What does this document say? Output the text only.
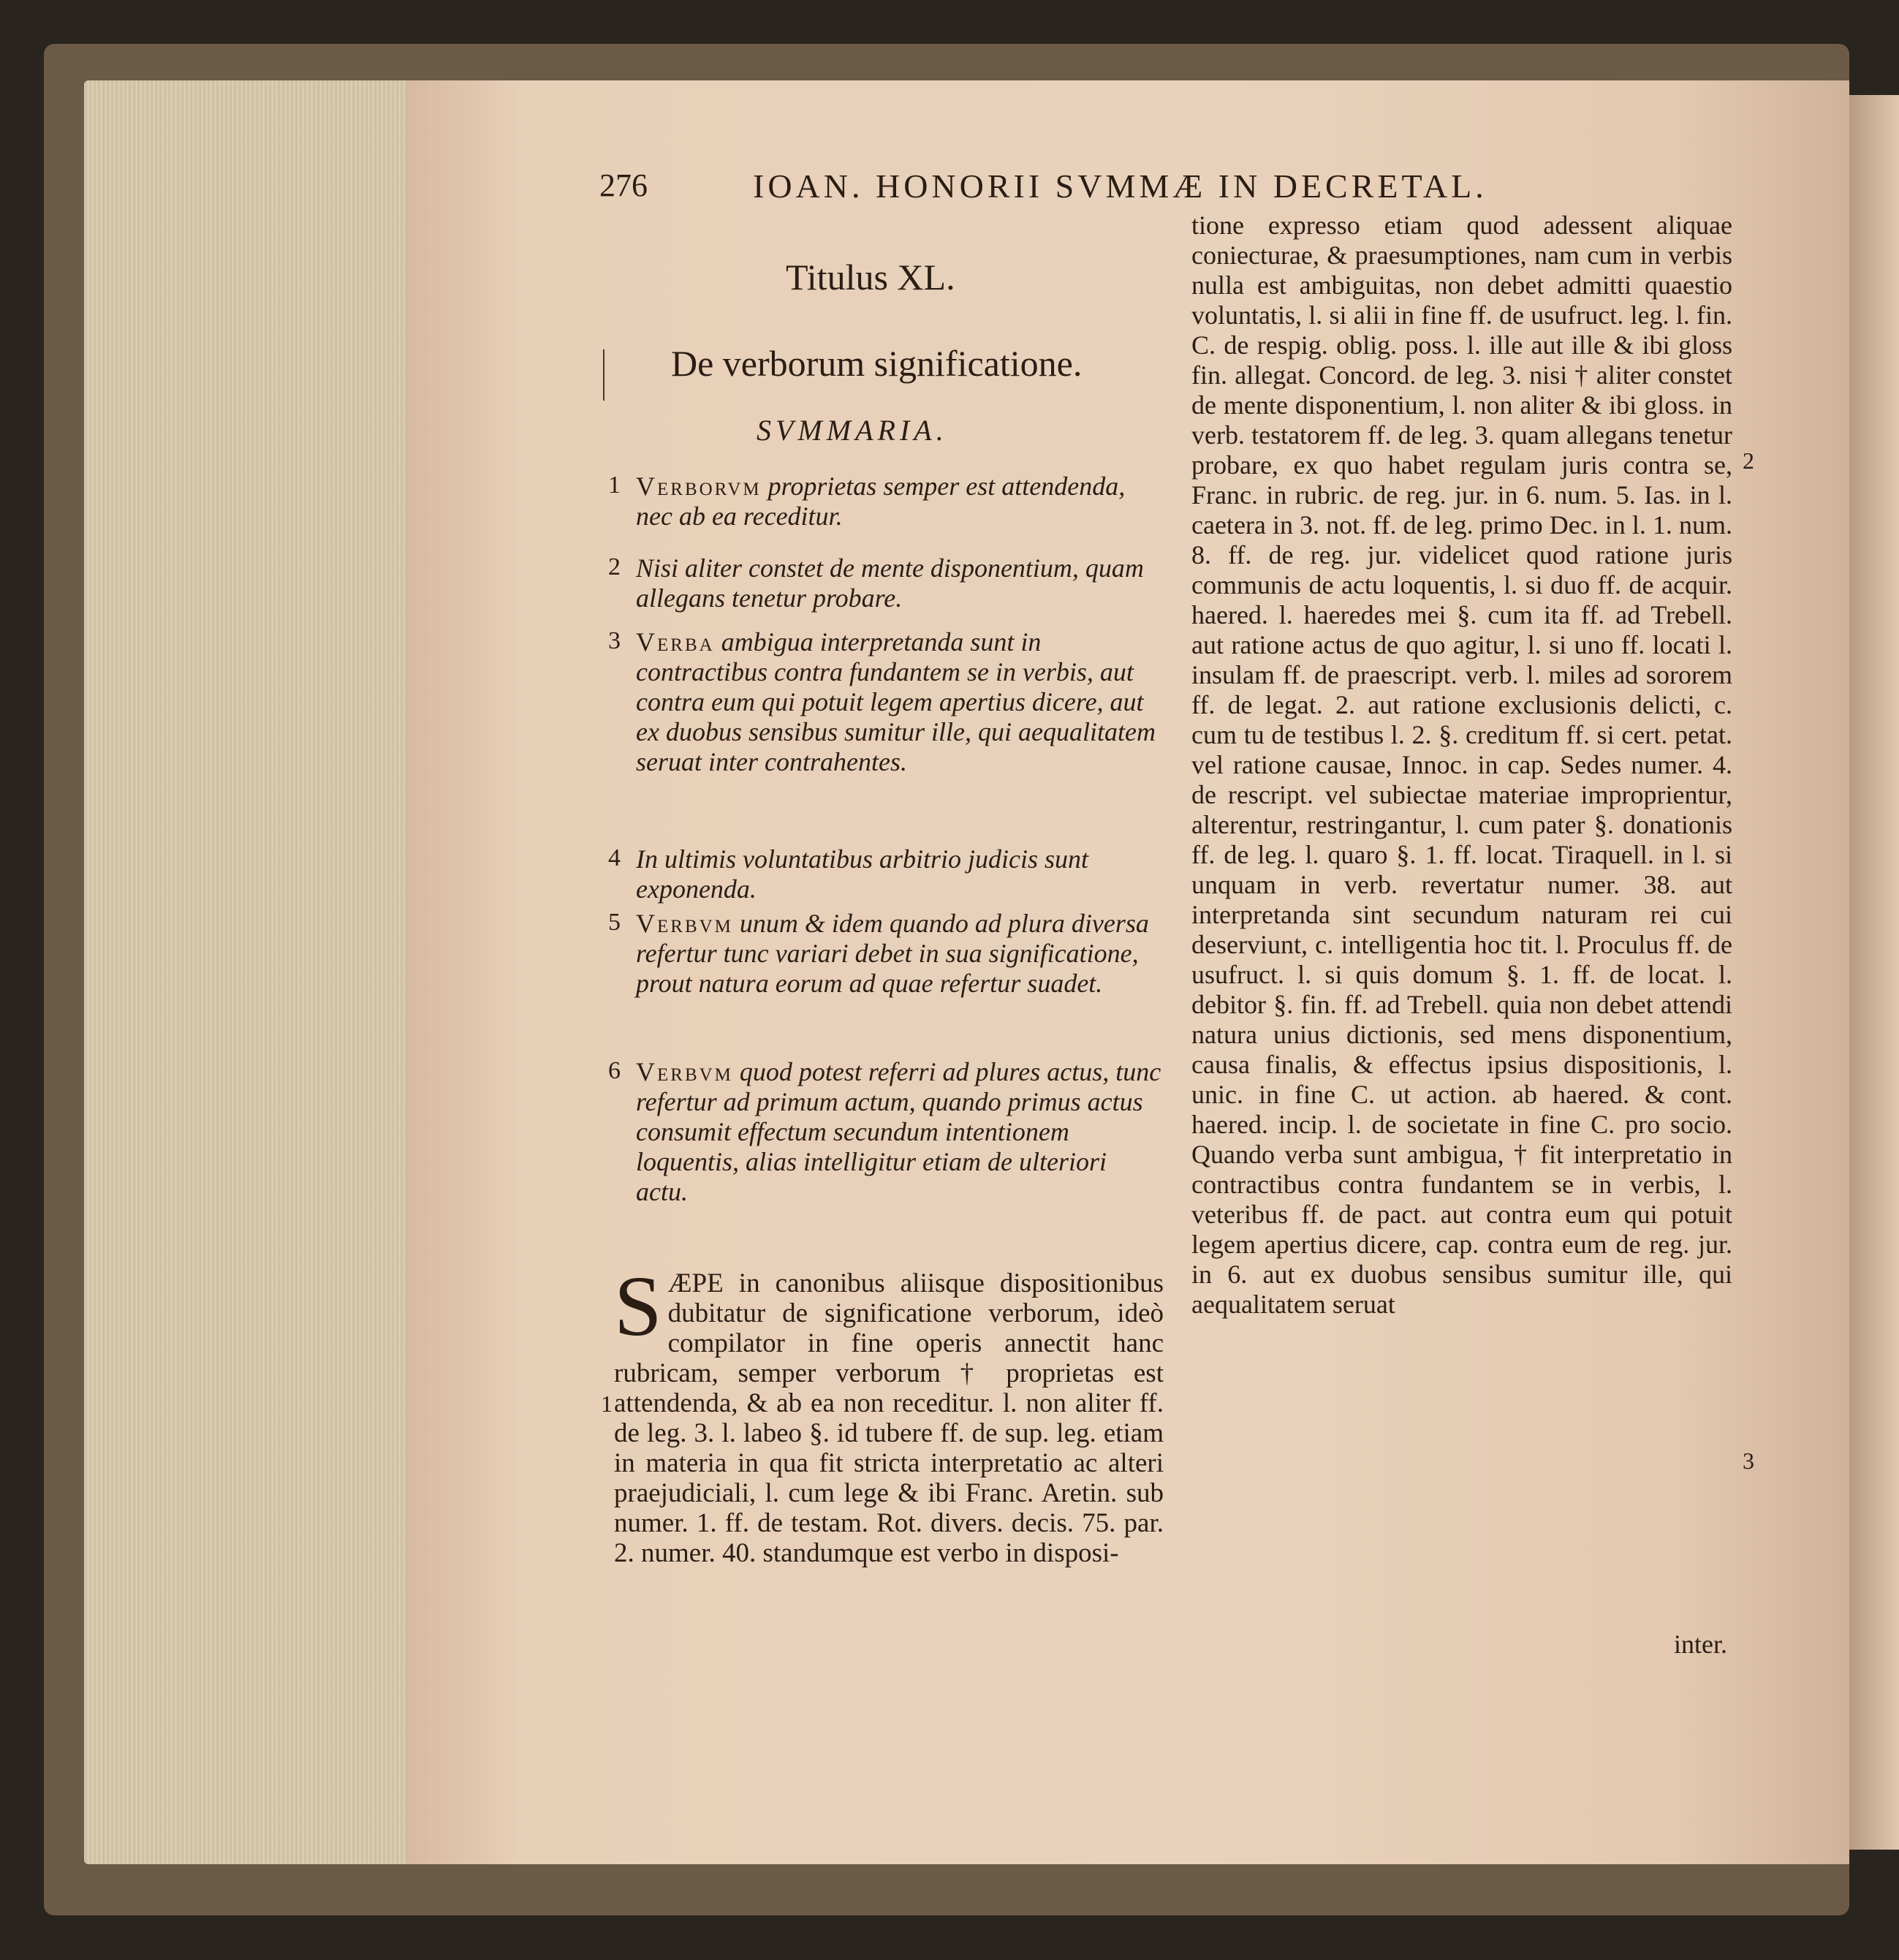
276	IOAN. HONORII SVMMÆ IN DECRETAL.
Titulus XL.
De verborum significatione.
SVMMARIA.
1 Verborvm proprietas semper est attendenda, nec ab ea receditur.
2 Nisi aliter constet de mente disponentium, quam allegans tenetur probare.
3 Verba ambigua interpretanda sunt in contractibus contra fundantem se in verbis, aut contra eum qui potuit legem apertius dicere, aut ex duobus sensibus sumitur ille, qui aequalitatem seruat inter contrahentes.
4 In ultimis voluntatibus arbitrio judicis sunt exponenda.
5 Verbvm unum & idem quando ad plura diversa refertur tunc variari debet in sua significatione, prout natura eorum ad quae refertur suadet.
6 Verbvm quod potest referri ad plures actus, tunc refertur ad primum actum, quando primus actus consumit effectum secundum intentionem loquentis, alias intelligitur etiam de ulteriori actu.
SÆPE in canonibus aliisque dispositionibus dubitatur de significatione verborum, ideò compilator in fine operis annectit hanc rubricam, semper verborum † proprietas est attendenda, & ab ea non receditur. l. non aliter ff. de leg. 3. l. labeo §. id tubere ff. de sup. leg. etiam in materia in qua fit stricta interpretatio ac alteri praejudiciali, l. cum lege & ibi Franc. Aretin. sub numer. 1. ff. de testam. Rot. divers. decis. 75. par. 2. numer. 40. standumque est verbo in disposi-
1

tione expresso etiam quod adessent aliquae coniecturae, & praesumptiones, nam cum in verbis nulla est ambiguitas, non debet admitti quaestio voluntatis, l. si alii in fine ff. de usufruct. leg. l. fin. C. de respig. oblig. poss. l. ille aut ille & ibi gloss fin. allegat. Concord. de leg. 3. nisi † aliter constet de mente disponentium, l. non aliter & ibi gloss. in verb. testatorem ff. de leg. 3. quam allegans tenetur probare, ex quo habet regulam juris contra se, Franc. in rubric. de reg. jur. in 6. num. 5. Ias. in l. caetera in 3. not. ff. de leg. primo Dec. in l. 1. num. 8. ff. de reg. jur. videlicet quod ratione juris communis de actu loquentis, l. si duo ff. de acquir. haered. l. haeredes mei §. cum ita ff. ad Trebell. aut ratione actus de quo agitur, l. si uno ff. locati l. insulam ff. de praescript. verb. l. miles ad sororem ff. de legat. 2. aut ratione exclusionis delicti, c. cum tu de testibus l. 2. §. creditum ff. si cert. petat. vel ratione causae, Innoc. in cap. Sedes numer. 4. de rescript. vel subiectae materiae improprientur, alterentur, restringantur, l. cum pater §. donationis ff. de leg. l. quaro §. 1. ff. locat. Tiraquell. in l. si unquam in verb. revertatur numer. 38. aut interpretanda sint secundum naturam rei cui deserviunt, c. intelligentia hoc tit. l. Proculus ff. de usufruct. l. si quis domum §. 1. ff. de locat. l. debitor §. fin. ff. ad Trebell. quia non debet attendi natura unius dictionis, sed mens disponentium, causa finalis, & effectus ipsius dispositionis, l. unic. in fine C. ut action. ab haered. & cont. haered. incip. l. de societate in fine C. pro socio. Quando verba sunt ambigua, † fit interpretatio in contractibus contra fundantem se in verbis, l. veteribus ff. de pact. aut contra eum qui potuit legem apertius dicere, cap. contra eum de reg. jur. in 6. aut ex duobus sensibus sumitur ille, qui aequalitatem seruat

2
3
inter.
